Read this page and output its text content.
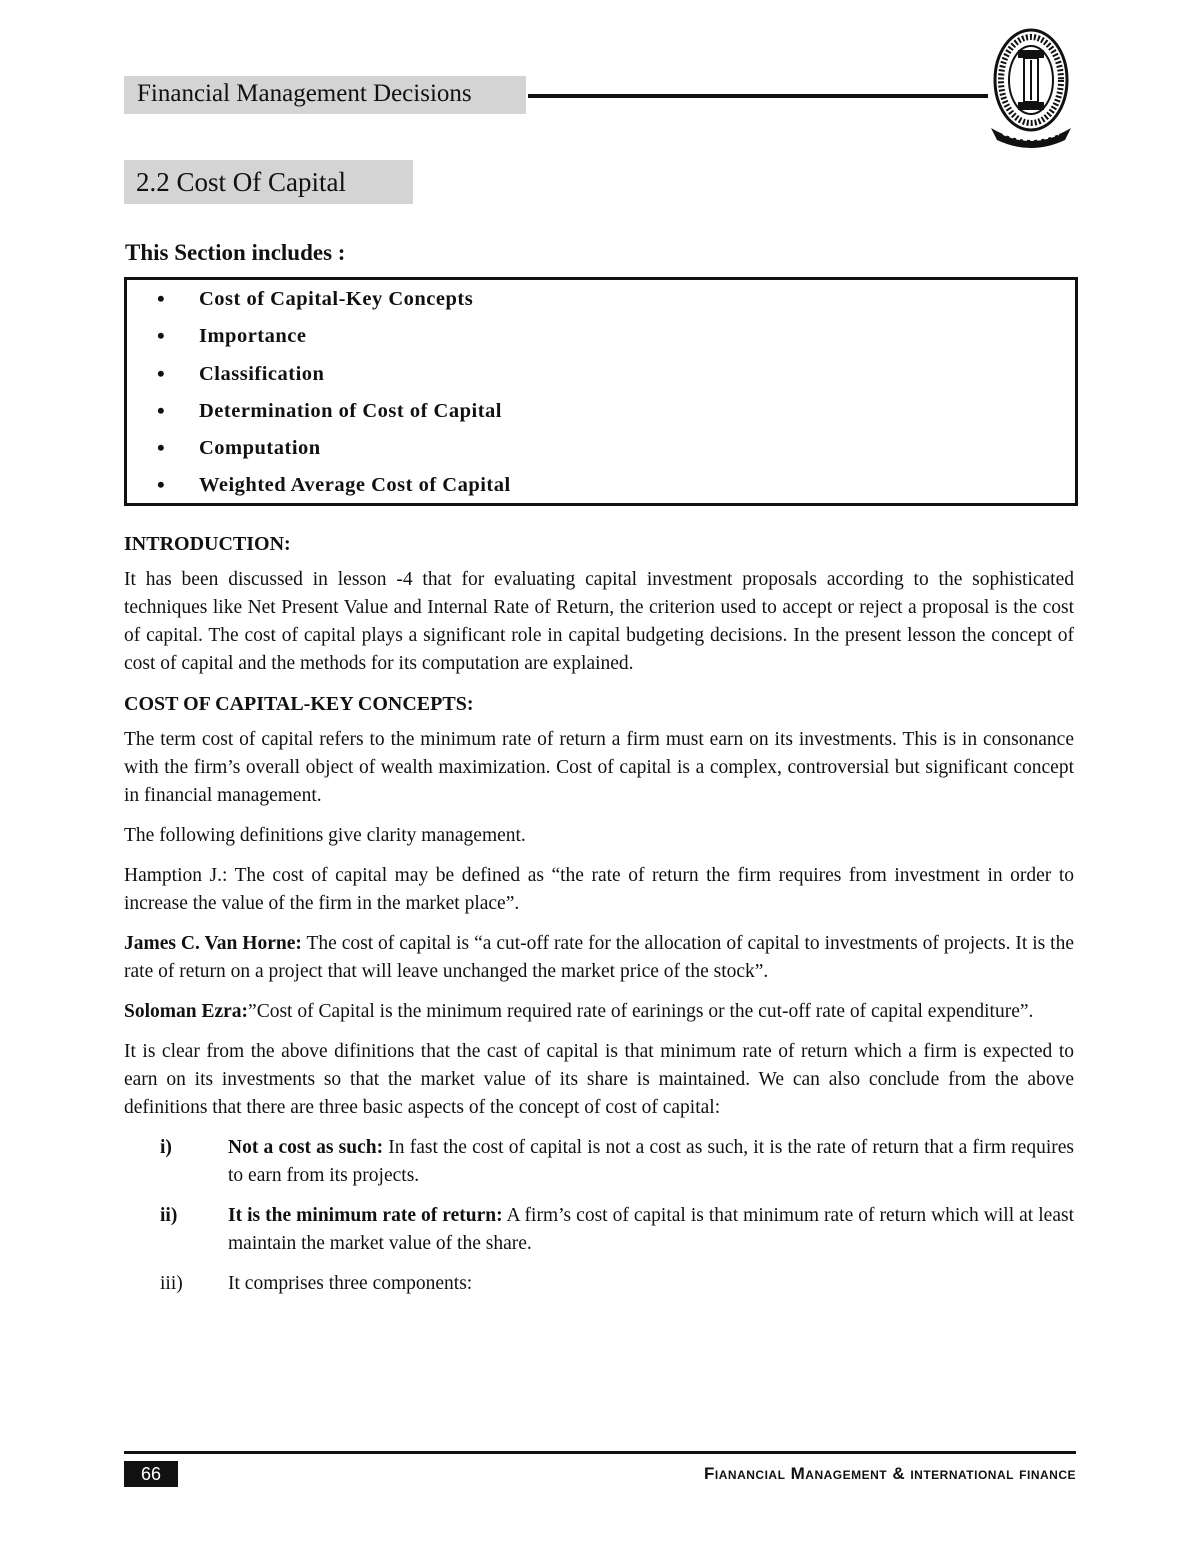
Financial Management Decisions
2.2 Cost Of Capital
This Section includes :
• Cost of Capital-Key Concepts
• Importance
• Classification
• Determination of Cost of Capital
• Computation
• Weighted Average Cost of Capital

INTRODUCTION:

It has been discussed in lesson -4 that for evaluating capital investment proposals according to the sophisticated techniques like Net Present Value and Internal Rate of Return, the criterion used to accept or reject a proposal is the cost of capital. The cost of capital plays a significant role in capital budgeting decisions. In the present lesson the concept of cost of capital and the methods for its computation are explained.

COST OF CAPITAL-KEY CONCEPTS:

The term cost of capital refers to the minimum rate of return a firm must earn on its investments. This is in consonance with the firm’s overall object of wealth maximization. Cost of capital is a complex, controversial but significant concept in financial management.

The following definitions give clarity management.

Hamption J.: The cost of capital may be defined as “the rate of return the firm requires from investment in order to increase the value of the firm in the market place”.

James C. Van Horne: The cost of capital is “a cut-off rate for the allocation of capital to investments of projects. It is the rate of return on a project that will leave unchanged the market price of the stock”.

Soloman Ezra:”Cost of Capital is the minimum required rate of earinings or the cut-off rate of capital expenditure”.

It is clear from the above difinitions that the cast of capital is that minimum rate of return which a firm is expected to earn on its investments so that the market value of its share is maintained. We can also conclude from the above definitions that there are three basic aspects of the concept of cost of capital:

i)	Not a cost as such: In fast the cost of capital is not a cost as such, it is the rate of return that a firm requires to earn from its projects.
ii)	It is the minimum rate of return: A firm’s cost of capital is that minimum rate of return which will at least maintain the market value of the share.
iii)	It comprises three components:
66	Fianancial Management & international finance
